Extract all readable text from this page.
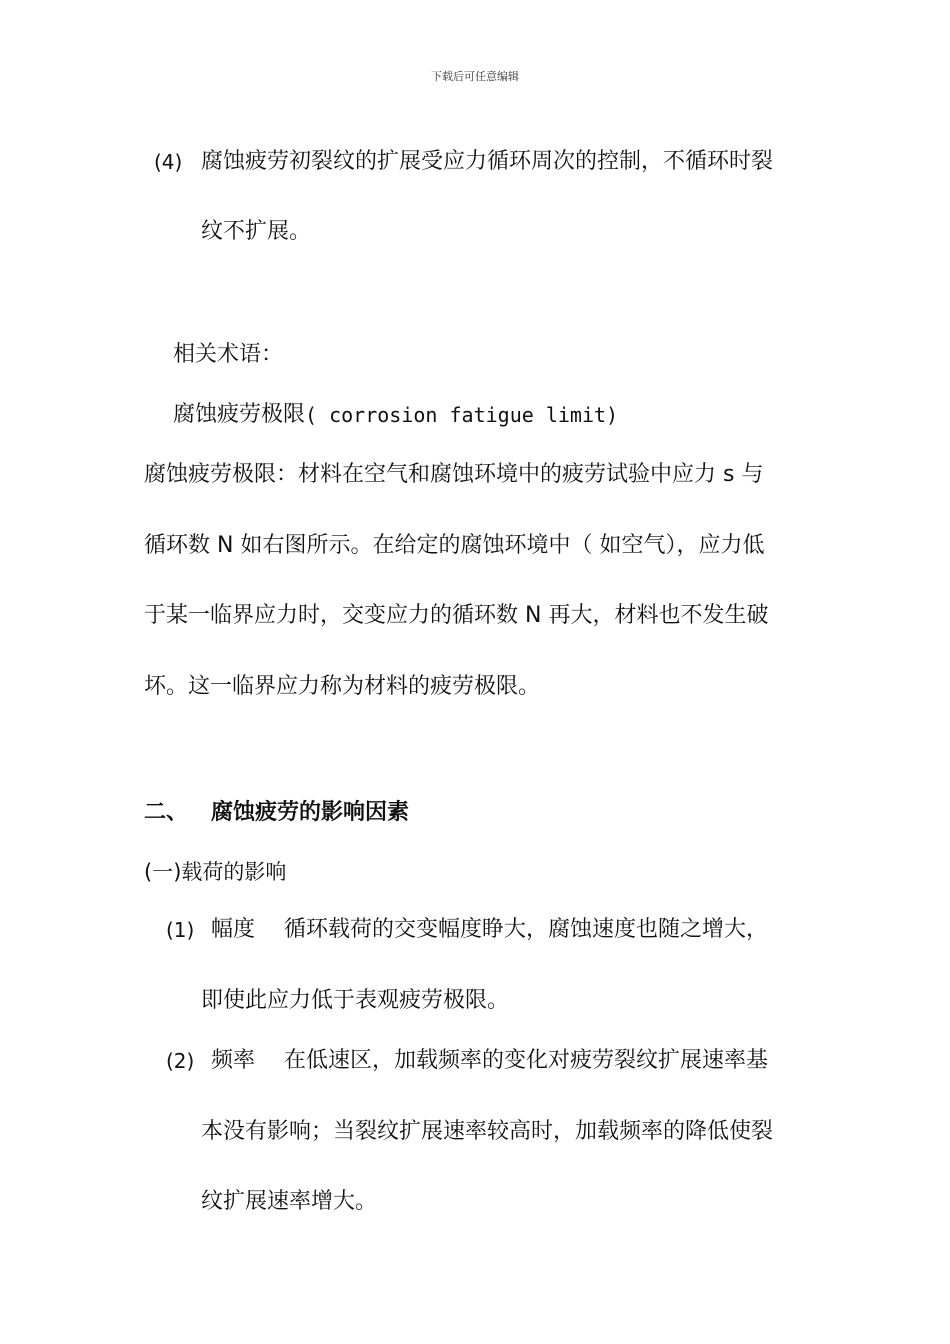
下载后可任意编辑
(4) 腐蚀疲劳初裂纹的扩展受应力循环周次的控制，不循环时裂
纹不扩展。
相关术语：
腐蚀疲劳极限 ( corrosion fatigue limit)
腐蚀疲劳极限：材料在空气和腐蚀环境中的疲劳试验中应力 s 与
循环数 N 如右图所示。在给定的腐蚀环境中（ 如空气），应力低
于某一临界应力时，交变应力的循环数 N 再大，材料也不发生破
坏。这一临界应力称为材料的疲劳极限。
二、 腐蚀疲劳的影响因素
(一)载荷的影响
(1) 幅度 循环载荷的交变幅度睁大，腐蚀速度也随之增大，
即使此应力低于表观疲劳极限。
(2) 频率 在低速区，加载频率的变化对疲劳裂纹扩展速率基
本没有影响；当裂纹扩展速率较高时，加载频率的降低使裂
纹扩展速率增大。
